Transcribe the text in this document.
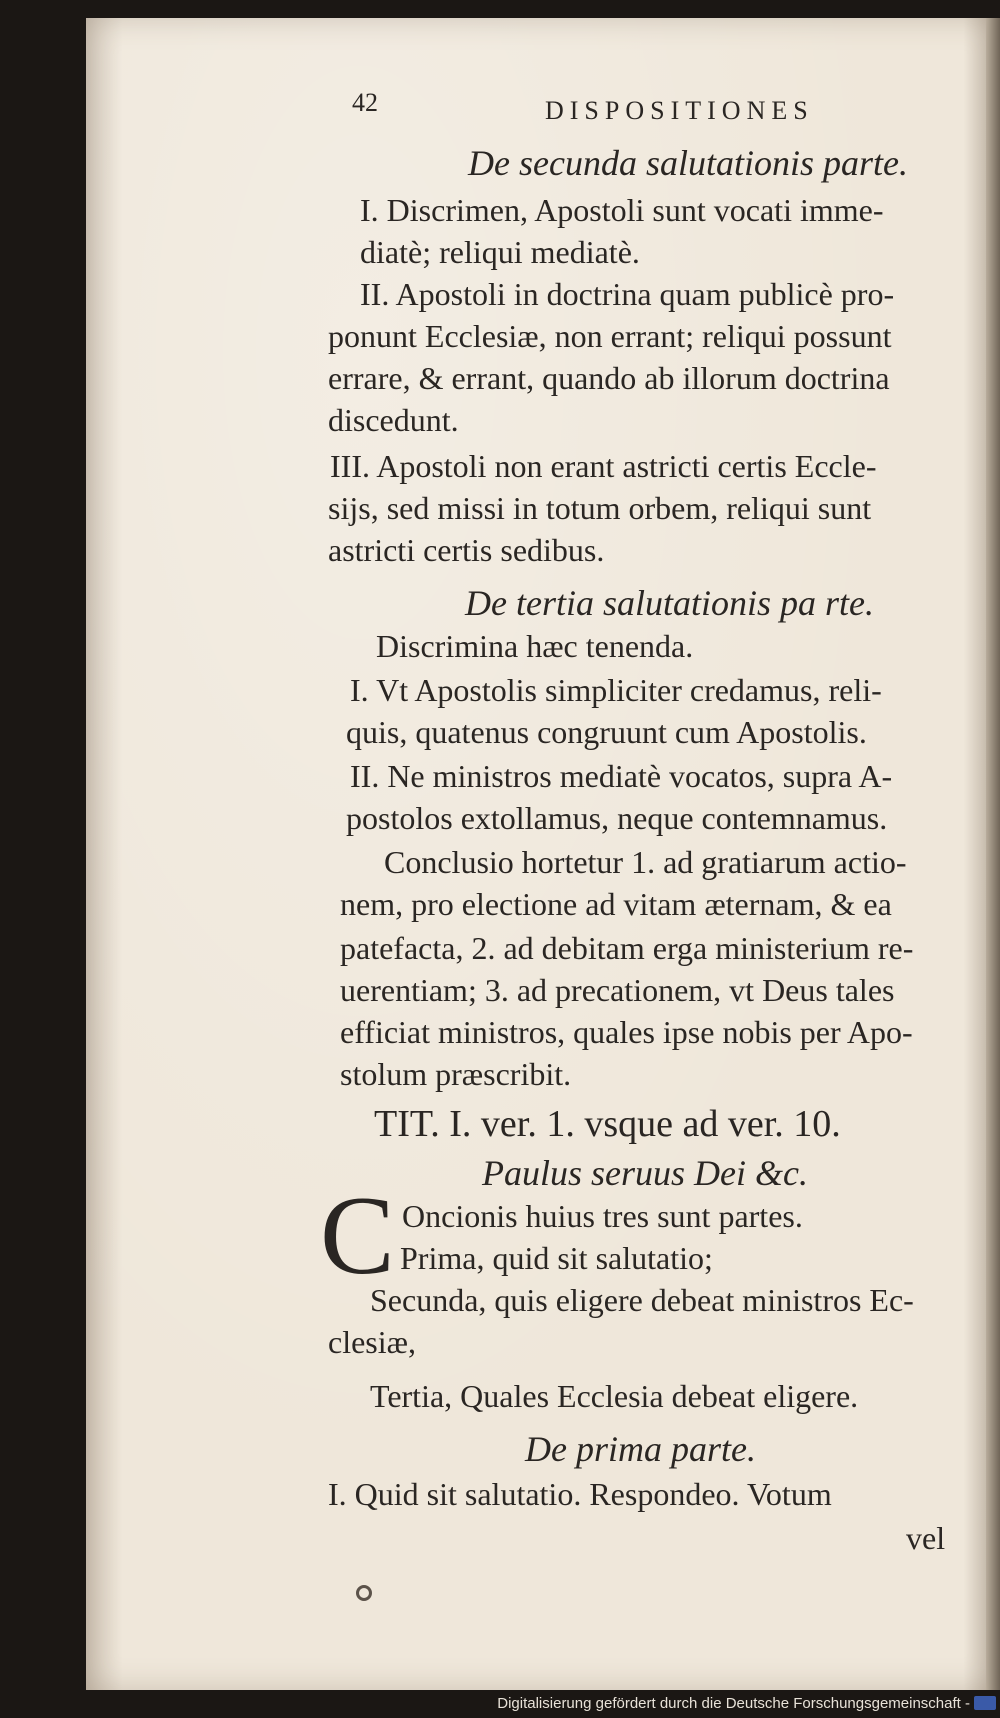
42	DISPOSITIONES
De secunda salutationis parte.
I. Discrimen, Apostoli sunt vocati imme-
diatè; reliqui mediatè.
II. Apostoli in doctrina quam publicè pro-
ponunt Ecclesiæ, non errant; reliqui possunt
errare, & errant, quando ab illorum doctrina
discedunt.
III. Apostoli non erant astricti certis Eccle-
sijs, sed missi in totum orbem, reliqui sunt
astricti certis sedibus.
De tertia salutationis pa rte.
Discrimina hæc tenenda.
I. Vt Apostolis simpliciter credamus, reli-
quis, quatenus congruunt cum Apostolis.
II. Ne ministros mediatè vocatos, supra A-
postolos extollamus, neque contemnamus.
Conclusio hortetur 1. ad gratiarum actio-
nem, pro electione ad vitam æternam, & ea
patefacta, 2. ad debitam erga ministerium re-
uerentiam; 3. ad precationem, vt Deus tales
efficiat ministros, quales ipse nobis per Apo-
stolum præscribit.
TIT. I. ver. 1. vsque ad ver. 10.
Paulus seruus Dei &c.
C Oncionis huius tres sunt partes.
Prima, quid sit salutatio;
Secunda, quis eligere debeat ministros Ec-
clesiæ,
Tertia, Quales Ecclesia debeat eligere.
De prima parte.
I. Quid sit salutatio. Respondeo. Votum
vel
Digitalisierung gefördert durch die Deutsche Forschungsgemeinschaft -
